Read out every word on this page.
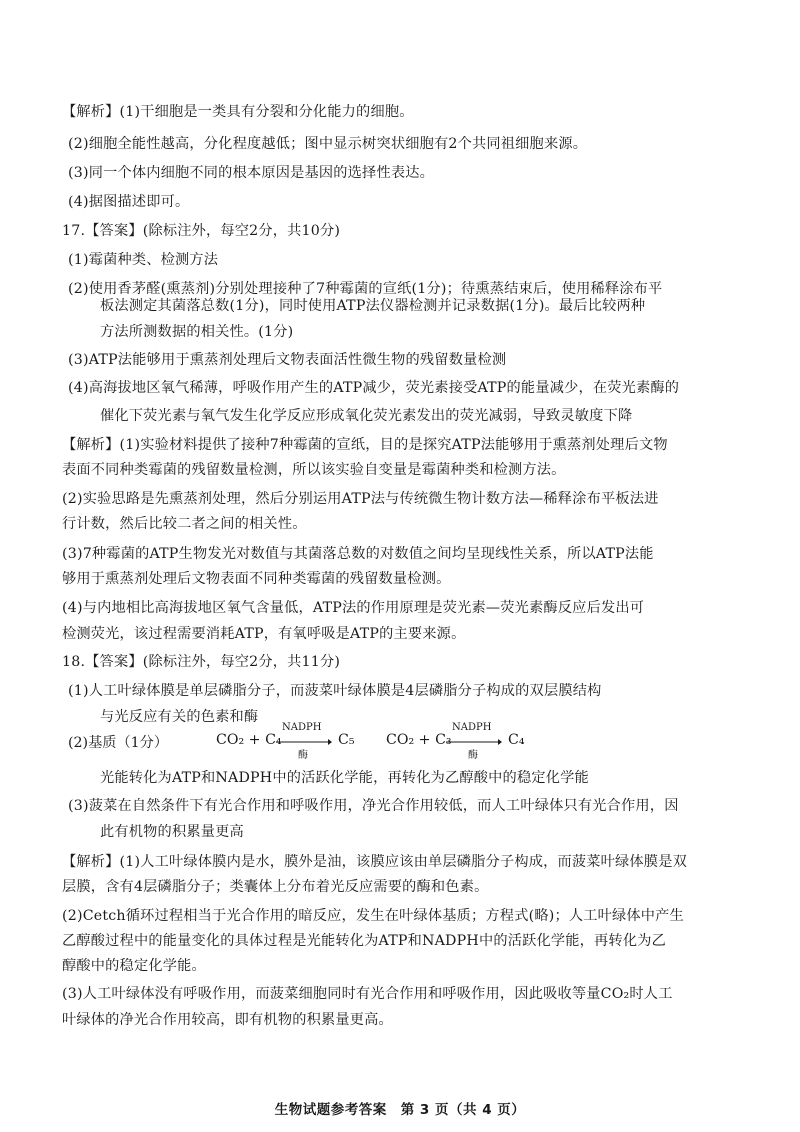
【解析】(1)干细胞是一类具有分裂和分化能力的细胞。
(2)细胞全能性越高，分化程度越低；图中显示树突状细胞有2个共同祖细胞来源。
(3)同一个体内细胞不同的根本原因是基因的选择性表达。
(4)据图描述即可。
17.【答案】(除标注外，每空2分，共10分)
(1)霉菌种类、检测方法
(2)使用香茅醛(熏蒸剂)分别处理接种了7种霉菌的宣纸(1分)；待熏蒸结束后，使用稀释涂布平
板法测定其菌落总数(1分)，同时使用ATP法仪器检测并记录数据(1分)。最后比较两种
方法所测数据的相关性。(1分)
(3)ATP法能够用于熏蒸剂处理后文物表面活性微生物的残留数量检测
(4)高海拔地区氧气稀薄，呼吸作用产生的ATP减少，荧光素接受ATP的能量减少，在荧光素酶的
催化下荧光素与氧气发生化学反应形成氧化荧光素发出的荧光减弱，导致灵敏度下降
【解析】(1)实验材料提供了接种7种霉菌的宣纸，目的是探究ATP法能够用于熏蒸剂处理后文物
表面不同种类霉菌的残留数量检测，所以该实验自变量是霉菌种类和检测方法。
(2)实验思路是先熏蒸剂处理，然后分别运用ATP法与传统微生物计数方法—稀释涂布平板法进
行计数，然后比较二者之间的相关性。
(3)7种霉菌的ATP生物发光对数值与其菌落总数的对数值之间均呈现线性关系，所以ATP法能
够用于熏蒸剂处理后文物表面不同种类霉菌的残留数量检测。
(4)与内地相比高海拔地区氧气含量低，ATP法的作用原理是荧光素—荧光素酶反应后发出可
检测荧光，该过程需要消耗ATP，有氧呼吸是ATP的主要来源。
18.【答案】(除标注外，每空2分，共11分)
(1)人工叶绿体膜是单层磷脂分子，而菠菜叶绿体膜是4层磷脂分子构成的双层膜结构
与光反应有关的色素和酶
(2)基质（1分）	CO₂ + C₄
NADPH
酶
C₅ CO₂ + C₃
NADPH
酶
C₄
光能转化为ATP和NADPH中的活跃化学能，再转化为乙醇酸中的稳定化学能
(3)菠菜在自然条件下有光合作用和呼吸作用，净光合作用较低，而人工叶绿体只有光合作用，因
此有机物的积累量更高
【解析】(1)人工叶绿体膜内是水，膜外是油，该膜应该由单层磷脂分子构成，而菠菜叶绿体膜是双
层膜，含有4层磷脂分子；类囊体上分布着光反应需要的酶和色素。
(2)Cetch循环过程相当于光合作用的暗反应，发生在叶绿体基质；方程式(略)；人工叶绿体中产生
乙醇酸过程中的能量变化的具体过程是光能转化为ATP和NADPH中的活跃化学能，再转化为乙
醇酸中的稳定化学能。
(3)人工叶绿体没有呼吸作用，而菠菜细胞同时有光合作用和呼吸作用，因此吸收等量CO₂时人工
叶绿体的净光合作用较高，即有机物的积累量更高。
生物试题参考答案　第 3 页（共 4 页）
